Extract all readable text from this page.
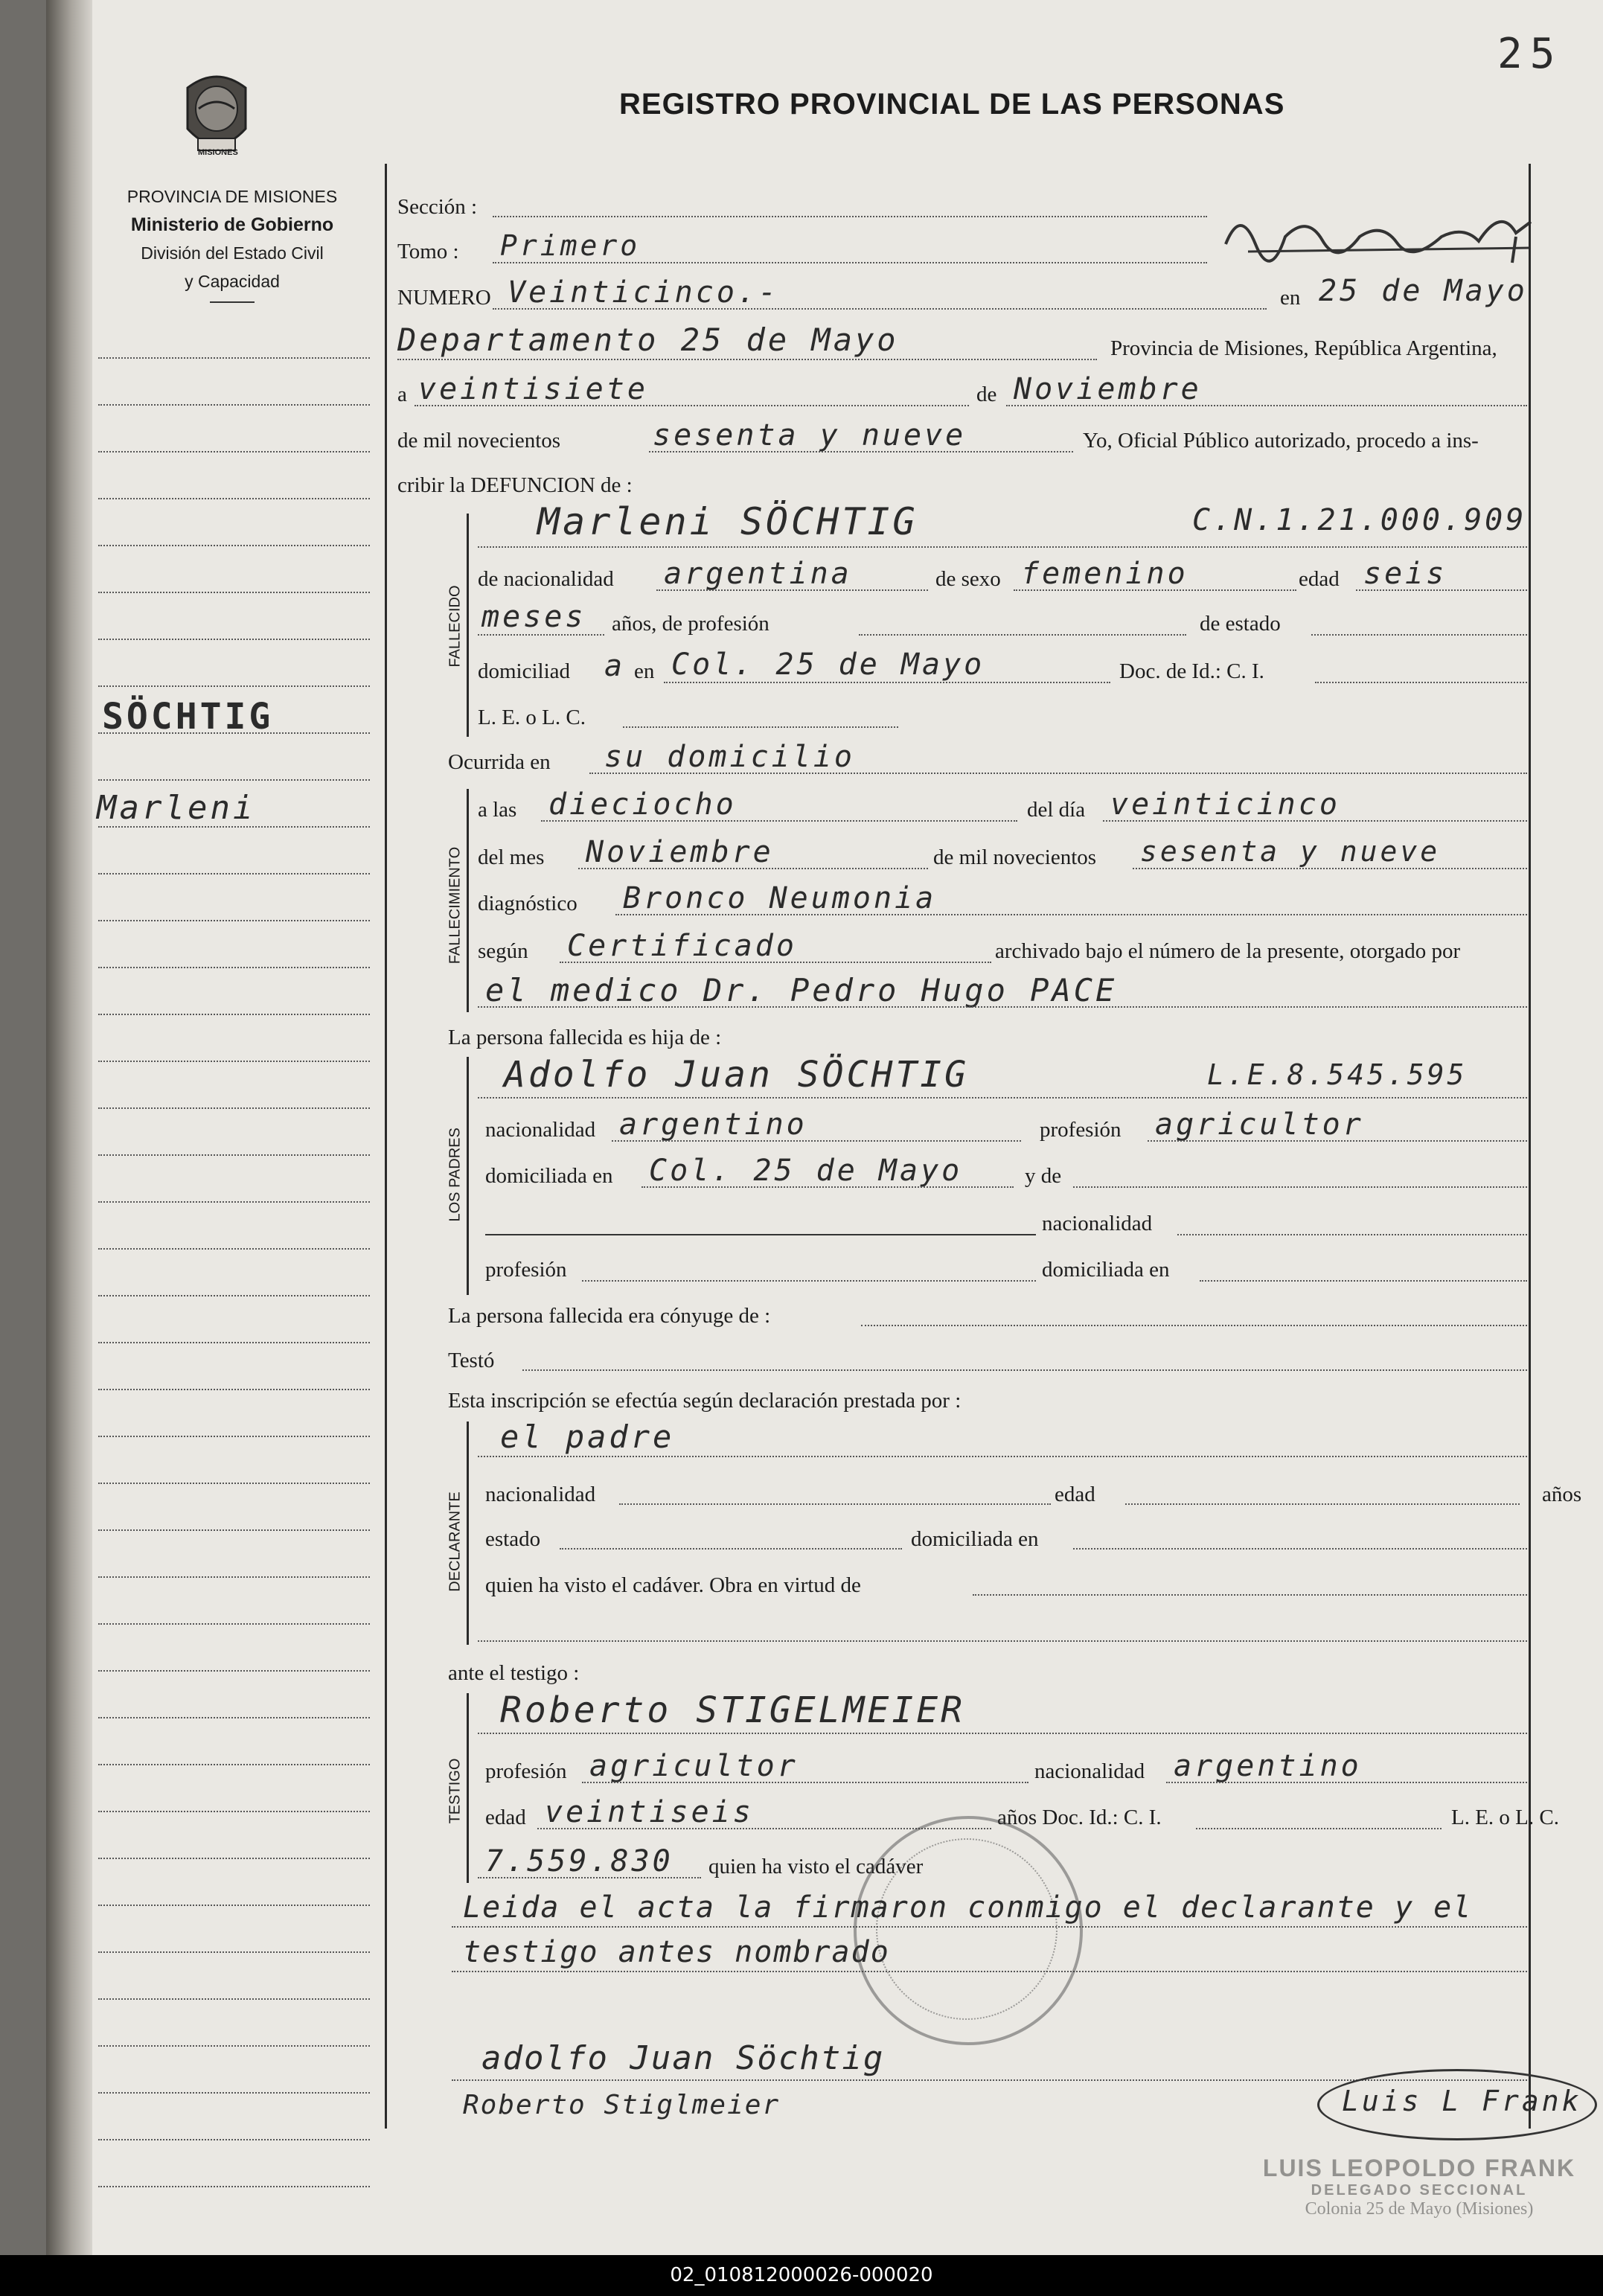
25
MISIONES
PROVINCIA DE MISIONES
Ministerio de Gobierno
División del Estado Civil
y Capacidad
REGISTRO PROVINCIAL DE LAS PERSONAS
SÖCHTIG
Marleni
Sección :
Tomo : Primero
NUMERO Veinticinco.-	en 25 de Mayo
Departamento 25 de Mayo	Provincia de Misiones, República Argentina,
a veintisiete	de Noviembre
de mil novecientos	sesenta y nueve	Yo, Oficial Público autorizado, procedo a ins-
cribir la DEFUNCION de :
FALLECIDO
Marleni SÖCHTIG	C.N.1.21.000.909
de nacionalidad argentina	de sexo femenino	edad seis
meses años, de profesión	de estado
domiciliad a en Col. 25 de Mayo	Doc. de Id.: C. I.
L. E. o L. C.
Ocurrida en su domicilio
FALLECIMIENTO
a las dieciocho	del día veinticinco
del mes Noviembre	de mil novecientos sesenta y nueve
diagnóstico Bronco Neumonia
según Certificado	archivado bajo el número de la presente, otorgado por
el medico Dr. Pedro Hugo PACE
La persona fallecida es hija de :
LOS PADRES
Adolfo Juan SÖCHTIG	L.E.8.545.595
nacionalidad argentino	profesión agricultor
domiciliada en Col. 25 de Mayo	y de
nacionalidad
profesión	domiciliada en
La persona fallecida era cónyuge de :
Testó
Esta inscripción se efectúa según declaración prestada por :
DECLARANTE
el padre
nacionalidad	edad	años
estado	domiciliada en
quien ha visto el cadáver. Obra en virtud de
ante el testigo :
TESTIGO
Roberto STIGELMEIER
profesión agricultor	nacionalidad argentino
edad veintiseis	años Doc. Id.: C. I.	L. E. o L. C.
7.559.830 quien ha visto el cadáver
Leida el acta la firmaron conmigo el declarante y el
testigo antes nombrado
adolfo Juan Söchtig
Roberto Stiglmeier	Luis L Frank
LUIS LEOPOLDO FRANK
DELEGADO SECCIONAL
Colonia 25 de Mayo (Misiones)
02_010812000026-000020
